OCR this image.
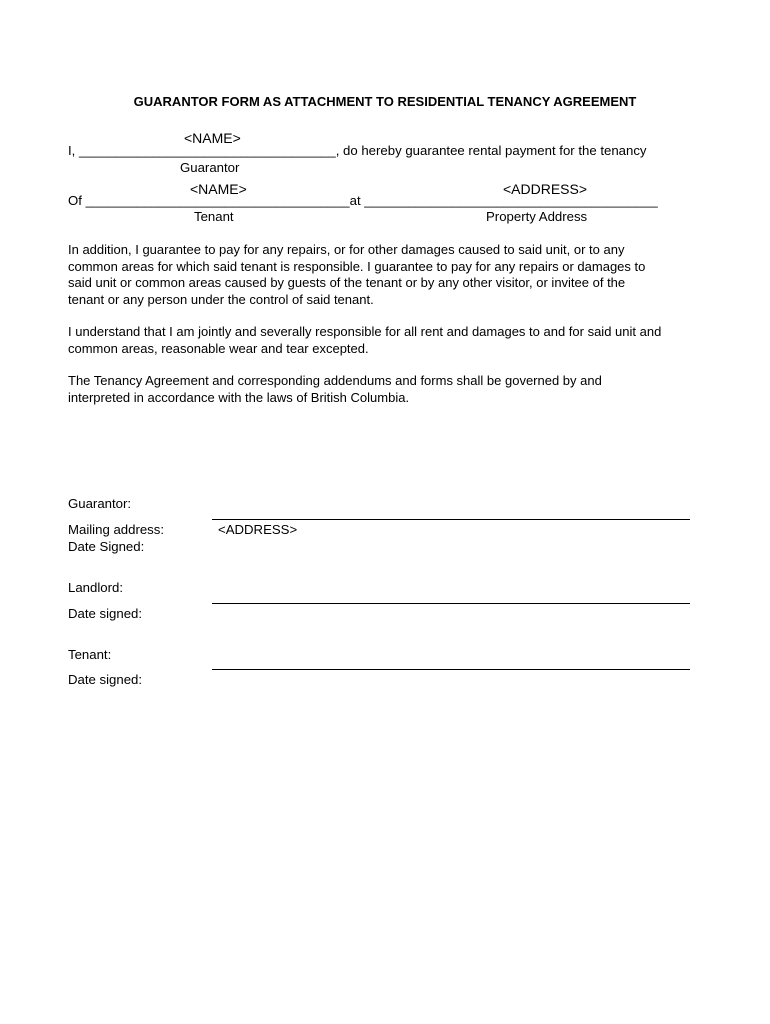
GUARANTOR FORM AS ATTACHMENT TO RESIDENTIAL TENANCY AGREEMENT
<NAME>
I, ___________________________________, do hereby guarantee rental payment for the tenancy
Guarantor
<NAME>	<ADDRESS>
Of ____________________________________at ________________________________________
Tenant	Property Address
In addition, I guarantee to pay for any repairs, or for other damages caused to said unit, or to any
common areas for which said tenant is responsible. I guarantee to pay for any repairs or damages to
said unit or common areas caused by guests of the tenant or by any other visitor, or invitee of the
tenant or any person under the control of said tenant.
I understand that I am jointly and severally responsible for all rent and damages to and for said unit and
common areas, reasonable wear and tear excepted.
The Tenancy Agreement and corresponding addendums and forms shall be governed by and
interpreted in accordance with the laws of British Columbia.
Guarantor:
Mailing address:	<ADDRESS>
Date Signed:
Landlord:
Date signed:
Tenant:
Date signed:
